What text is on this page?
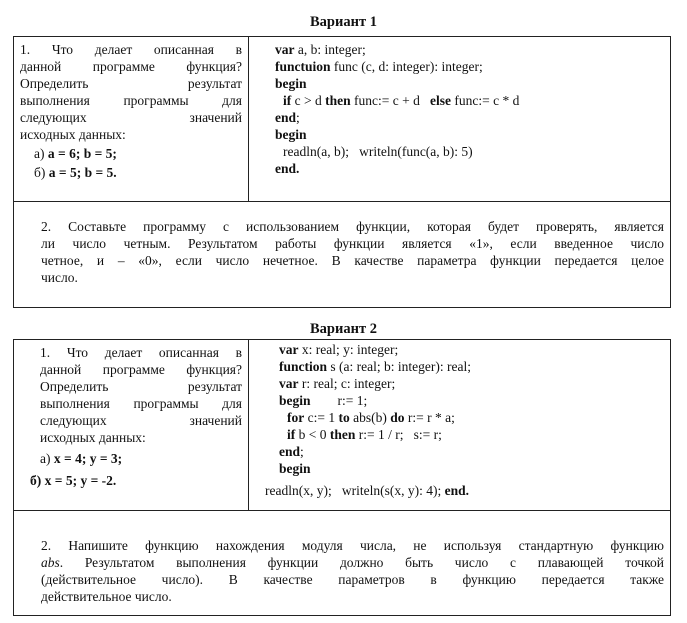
Вариант 1
1. Что делает описанная в
данной программе функция?
Определить результат
выполнения программы для
следующих значений
исходных данных:
а) a = 6; b = 5;
б) a = 5; b = 5.
var a, b: integer;
functuion func (c, d: integer): integer;
begin
if c > d then func:= c + d   else func:= c * d
end;
begin
readln(a, b);   writeln(func(a, b): 5)
end.
2. Составьте программу с использованием функции, которая будет проверять, является
ли число четным. Результатом работы функции является «1», если введенное число
четное, и – «0», если число нечетное. В качестве параметра функции передается целое
число.
Вариант 2
1. Что делает описанная в
данной программе функция?
Определить результат
выполнения программы для
следующих значений
исходных данных:
а) x = 4; y = 3;
б) x = 5; y = -2.
var x: real; y: integer;
function s (a: real; b: integer): real;
var r: real; c: integer;
begin        r:= 1;
for c:= 1 to abs(b) do r:= r * a;
if b < 0 then r:= 1 / r;   s:= r;
end;
begin
readln(x, y);   writeln(s(x, y): 4); end.
2. Напишите функцию нахождения модуля числа, не используя стандартную функцию
abs. Результатом выполнения функции должно быть число с плавающей точкой
(действительное число). В качестве параметров в функцию передается также
действительное число.
